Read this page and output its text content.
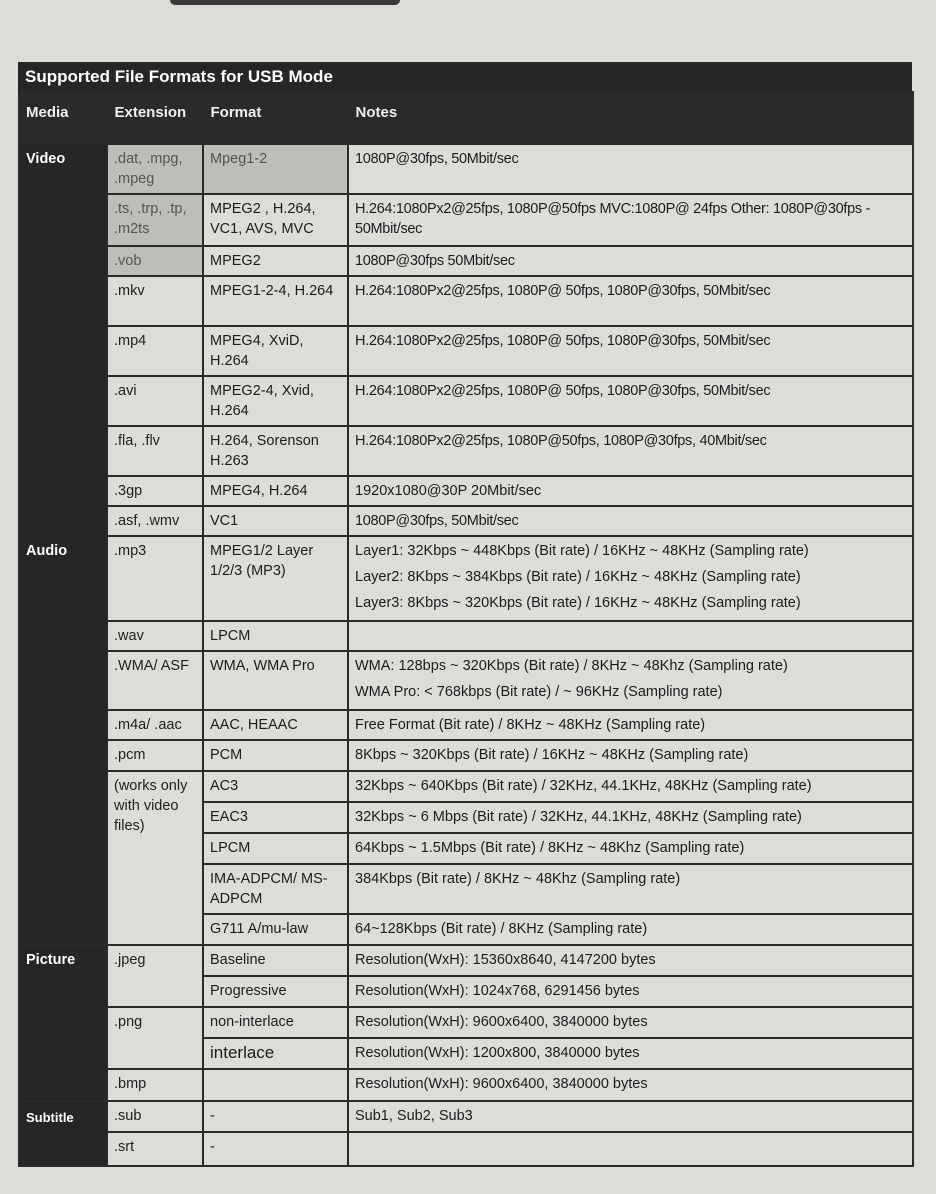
Supported File Formats for USB Mode
Media	Extension	Format	Notes
Video	.dat, .mpg, .mpeg	Mpeg1-2	1080P@30fps, 50Mbit/sec
	.ts, .trp, .tp, .m2ts	MPEG2 , H.264, VC1, AVS, MVC	H.264:1080Px2@25fps, 1080P@50fps MVC:1080P@ 24fps Other: 1080P@30fps - 50Mbit/sec
	.vob	MPEG2	1080P@30fps 50Mbit/sec
	.mkv	MPEG1-2-4, H.264	H.264:1080Px2@25fps, 1080P@ 50fps, 1080P@30fps, 50Mbit/sec
	.mp4	MPEG4, XviD, H.264	H.264:1080Px2@25fps, 1080P@ 50fps, 1080P@30fps, 50Mbit/sec
	.avi	MPEG2-4, Xvid, H.264	H.264:1080Px2@25fps, 1080P@ 50fps, 1080P@30fps, 50Mbit/sec
	.fla, .flv	H.264, Sorenson H.263	H.264:1080Px2@25fps, 1080P@50fps, 1080P@30fps, 40Mbit/sec
	.3gp	MPEG4, H.264	1920x1080@30P 20Mbit/sec
	.asf, .wmv	VC1	1080P@30fps, 50Mbit/sec
Audio	.mp3	MPEG1/2 Layer 1/2/3 (MP3)	Layer1: 32Kbps ~ 448Kbps (Bit rate) / 16KHz ~ 48KHz (Sampling rate)
Layer2: 8Kbps ~ 384Kbps (Bit rate) / 16KHz ~ 48KHz (Sampling rate)
Layer3: 8Kbps ~ 320Kbps (Bit rate) / 16KHz ~ 48KHz (Sampling rate)

	.wav	LPCM	
	.WMA/ ASF	WMA, WMA Pro	WMA: 128bps ~ 320Kbps (Bit rate) / 8KHz ~ 48Khz (Sampling rate)
WMA Pro: < 768kbps (Bit rate) / ~ 96KHz (Sampling rate)

	.m4a/ .aac	AAC, HEAAC	Free Format (Bit rate) / 8KHz ~ 48KHz (Sampling rate)
	.pcm	PCM	8Kbps ~ 320Kbps (Bit rate) / 16KHz ~ 48KHz (Sampling rate)
	(works only with video files)	AC3	32Kbps ~ 640Kbps (Bit rate) / 32KHz, 44.1KHz, 48KHz (Sampling rate)
		EAC3	32Kbps ~ 6 Mbps (Bit rate) / 32KHz, 44.1KHz, 48KHz (Sampling rate)
		LPCM	64Kbps ~ 1.5Mbps (Bit rate) / 8KHz ~ 48Khz (Sampling rate)
		IMA-ADPCM/ MS-ADPCM	384Kbps (Bit rate) / 8KHz ~ 48Khz (Sampling rate)
		G711 A/mu-law	64~128Kbps (Bit rate) / 8KHz (Sampling rate)
Picture	.jpeg	Baseline	Resolution(WxH): 15360x8640, 4147200 bytes
		Progressive	Resolution(WxH): 1024x768, 6291456 bytes
	.png	non-interlace	Resolution(WxH): 9600x6400, 3840000 bytes
		interlace	Resolution(WxH): 1200x800, 3840000 bytes
	.bmp		Resolution(WxH): 9600x6400, 3840000 bytes
Subtitle	.sub	-	Sub1, Sub2, Sub3
	.srt	-	
